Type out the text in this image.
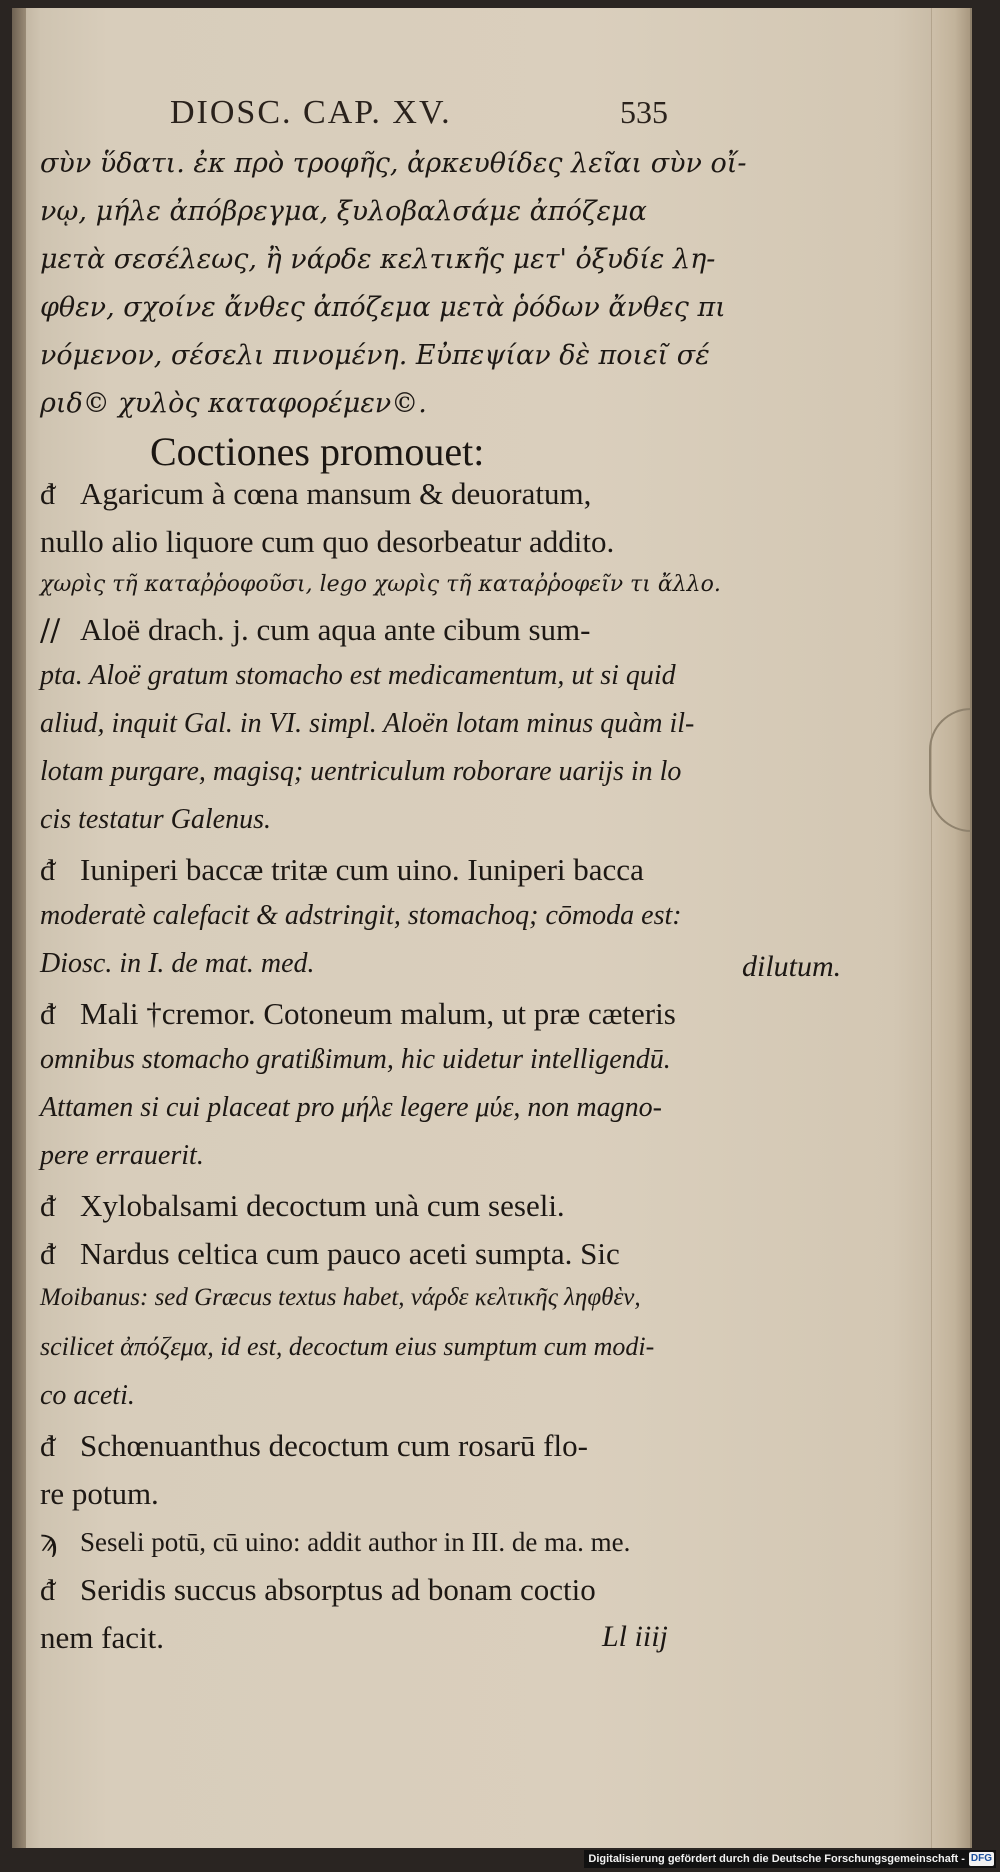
DIOSC. CAP. XV.	535
σὺν ὕδατι. ἐκ πρὸ τροφῆς, ἀρκευθίδες λεῖαι σὺν οἴ-
νῳ, μήλε ἀπόβρεγμα, ξυλοβαλσάμε ἀπόζεμα
μετὰ σεσέλεως, ἢ νάρδε κελτικῆς μετ' ὀξυδίε λη-
φθεν, σχοίνε ἄνθες ἀπόζεμα μετὰ ῥόδων ἄνθες πι
νόμενον, σέσελι πινομένη. Εὐπεψίαν δὲ ποιεῖ σέ
ριδ© χυλὸς καταφορέμεν©.
Coctiones promouet:
ᵭ Agaricum à cœna mansum & deuoratum,
nullo alio liquore cum quo desorbeatur addito.
χωρὶς τῆ καταῤῥοφοῦσι, lego χωρὶς τῆ καταῤῥοφεῖν τι ἄλλο.
// Aloë drach. j. cum aqua ante cibum sum-
pta. Aloë gratum stomacho est medicamentum, ut si quid
aliud, inquit Gal. in VI. simpl. Aloën lotam minus quàm il-
lotam purgare, magisq; uentriculum roborare uarijs in lo
cis testatur Galenus.
ᵭ Iuniperi baccæ tritæ cum uino. Iuniperi bacca
moderatè calefacit & adstringit, stomachoq; cōmoda est:
Diosc. in I. de mat. med.
ᵭ Mali †cremor. Cotoneum malum, ut præ cæteris
omnibus stomacho gratißimum, hic uidetur intelligendū.
Attamen si cui placeat pro μήλε legere μύε, non magno-
pere errauerit.
ᵭ Xylobalsami decoctum unà cum seseli.
ᵭ Nardus celtica cum pauco aceti sumpta. Sic
Moibanus: sed Græcus textus habet, νάρδε κελτικῆς ληφθὲν,
scilicet ἀπόζεμα, id est, decoctum eius sumptum cum modi-
co aceti.
ᵭ Schœnuanthus decoctum cum rosarū flo-
re potum.
ϡ Seseli potū, cū uino: addit author in III. de ma. me.
ᵭ Seridis succus absorptus ad bonam coctio
nem facit.
dilutum.
Ll iiij
Digitalisierung gefördert durch die Deutsche Forschungsgemeinschaft - DFG
